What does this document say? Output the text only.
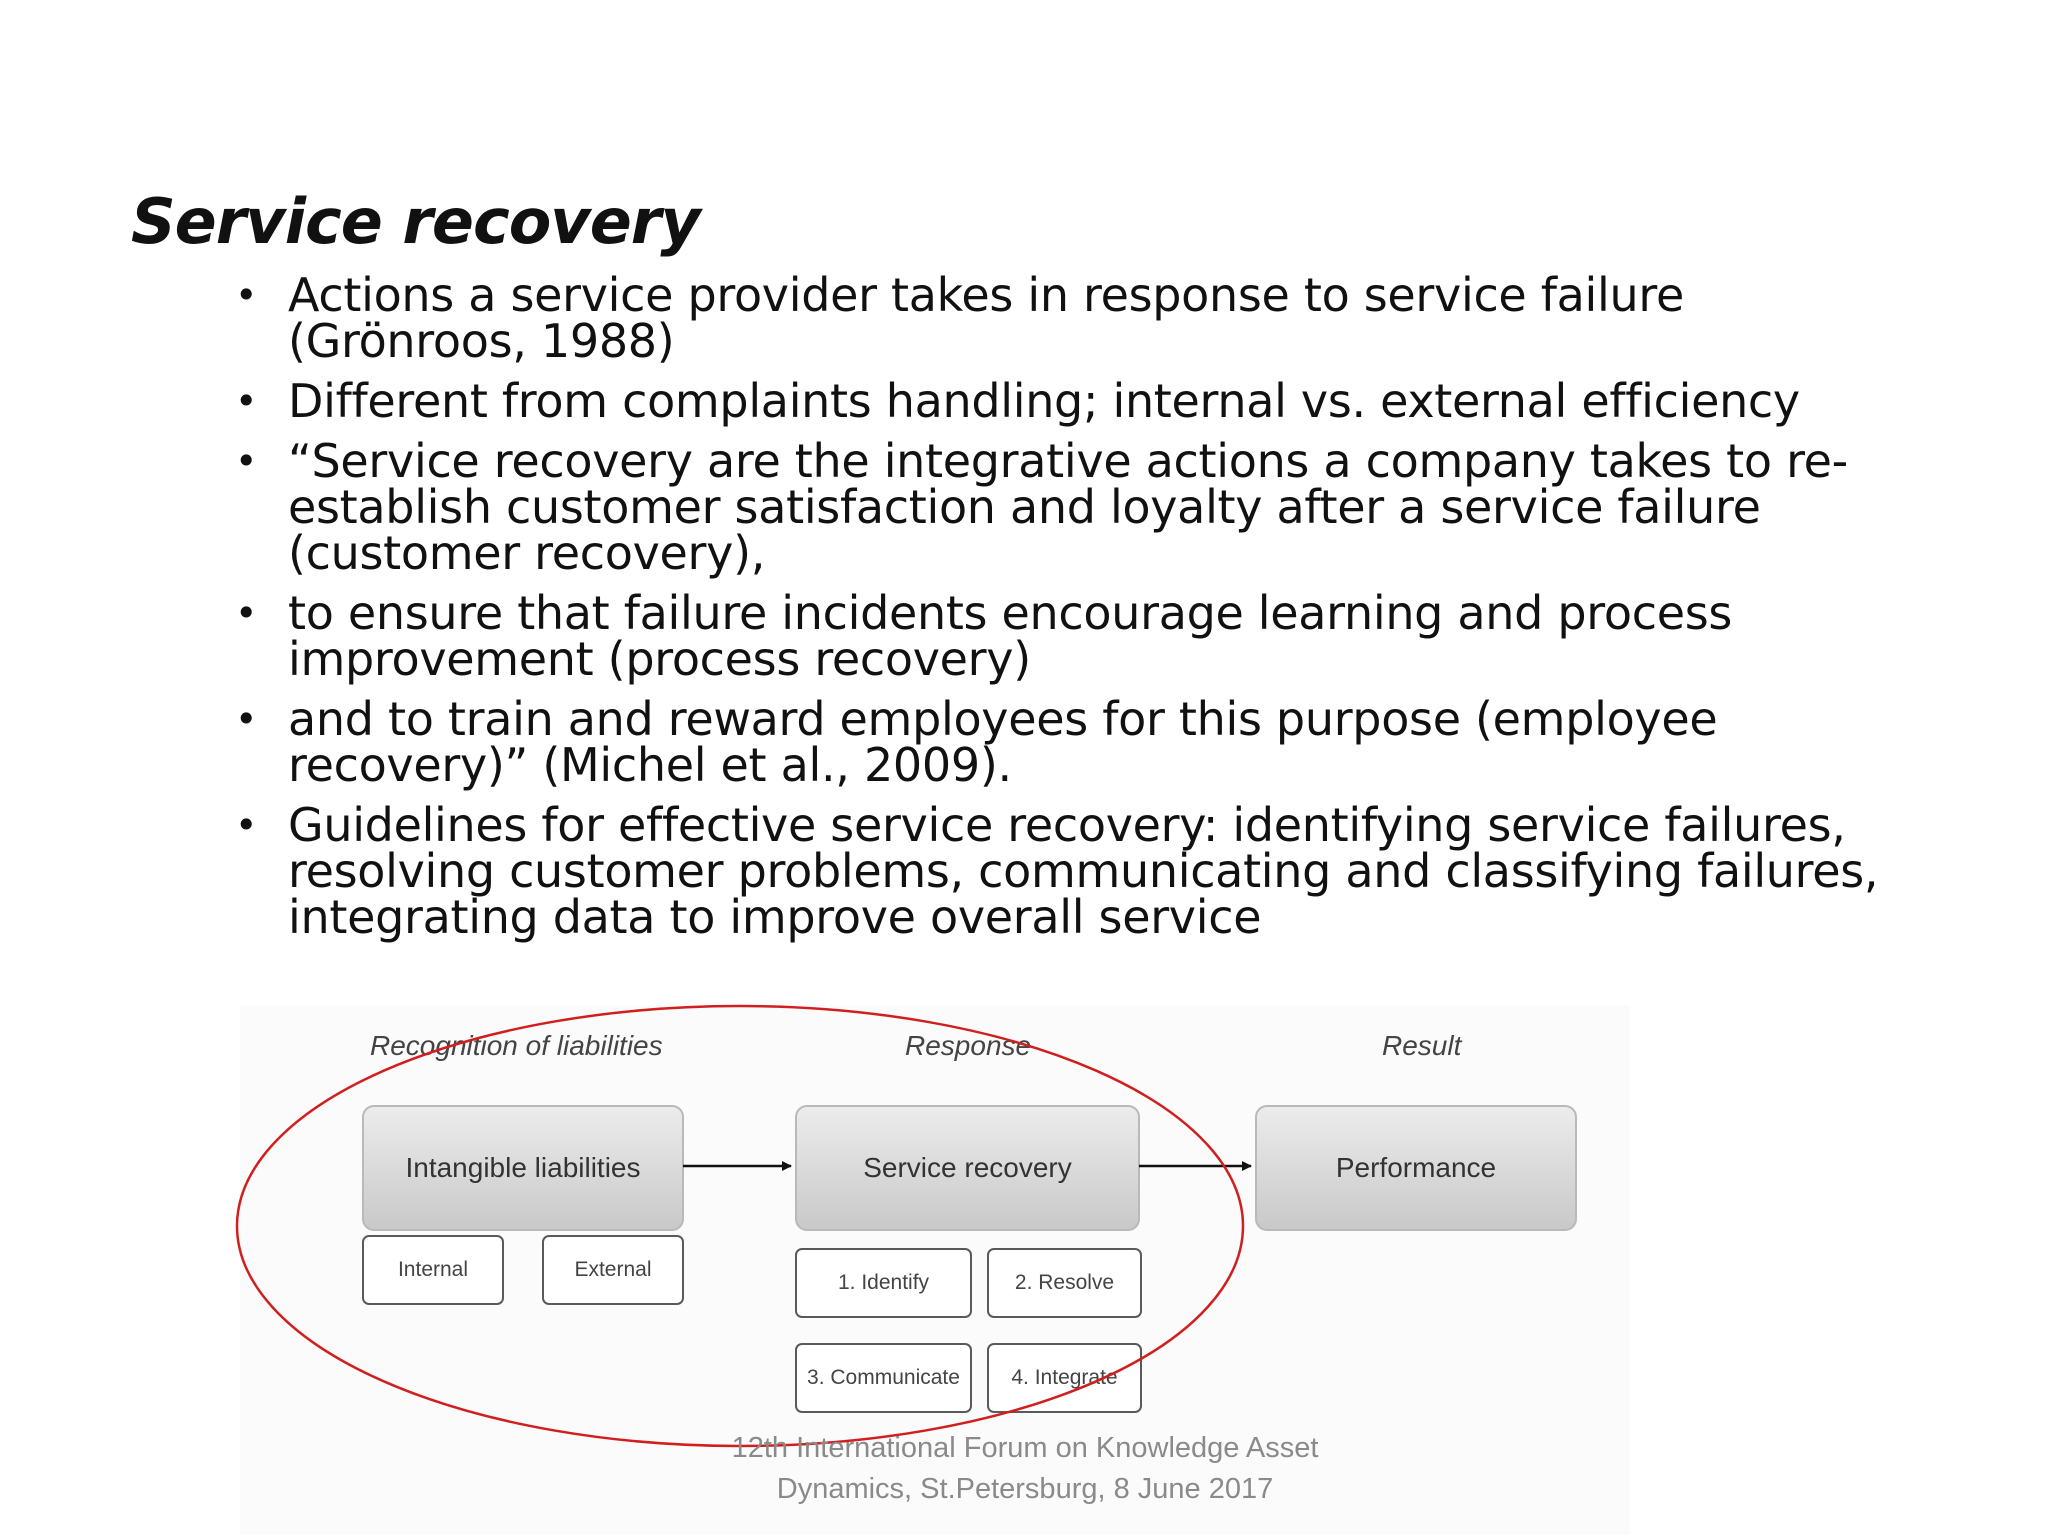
Service recovery
• Actions a service provider takes in response to service failure (Grönroos, 1988)
• Different from complaints handling; internal vs. external efficiency
• “Service recovery are the integrative actions a company takes to re-establish customer satisfaction and loyalty after a service failure (customer recovery),
• to ensure that failure incidents encourage learning and process improvement (process recovery)
• and to train and reward employees for this purpose (employee recovery)” (Michel et al., 2009).
• Guidelines for effective service recovery: identifying service failures, resolving customer problems, communicating and classifying failures, integrating data to improve overall service
Recognition of liabilities	Response	Result
Intangible liabilities	Service recovery	Performance
Internal	External
1. Identify	2. Resolve
3. Communicate	4. Integrate
12th International Forum on Knowledge Asset
Dynamics, St.Petersburg, 8 June 2017
